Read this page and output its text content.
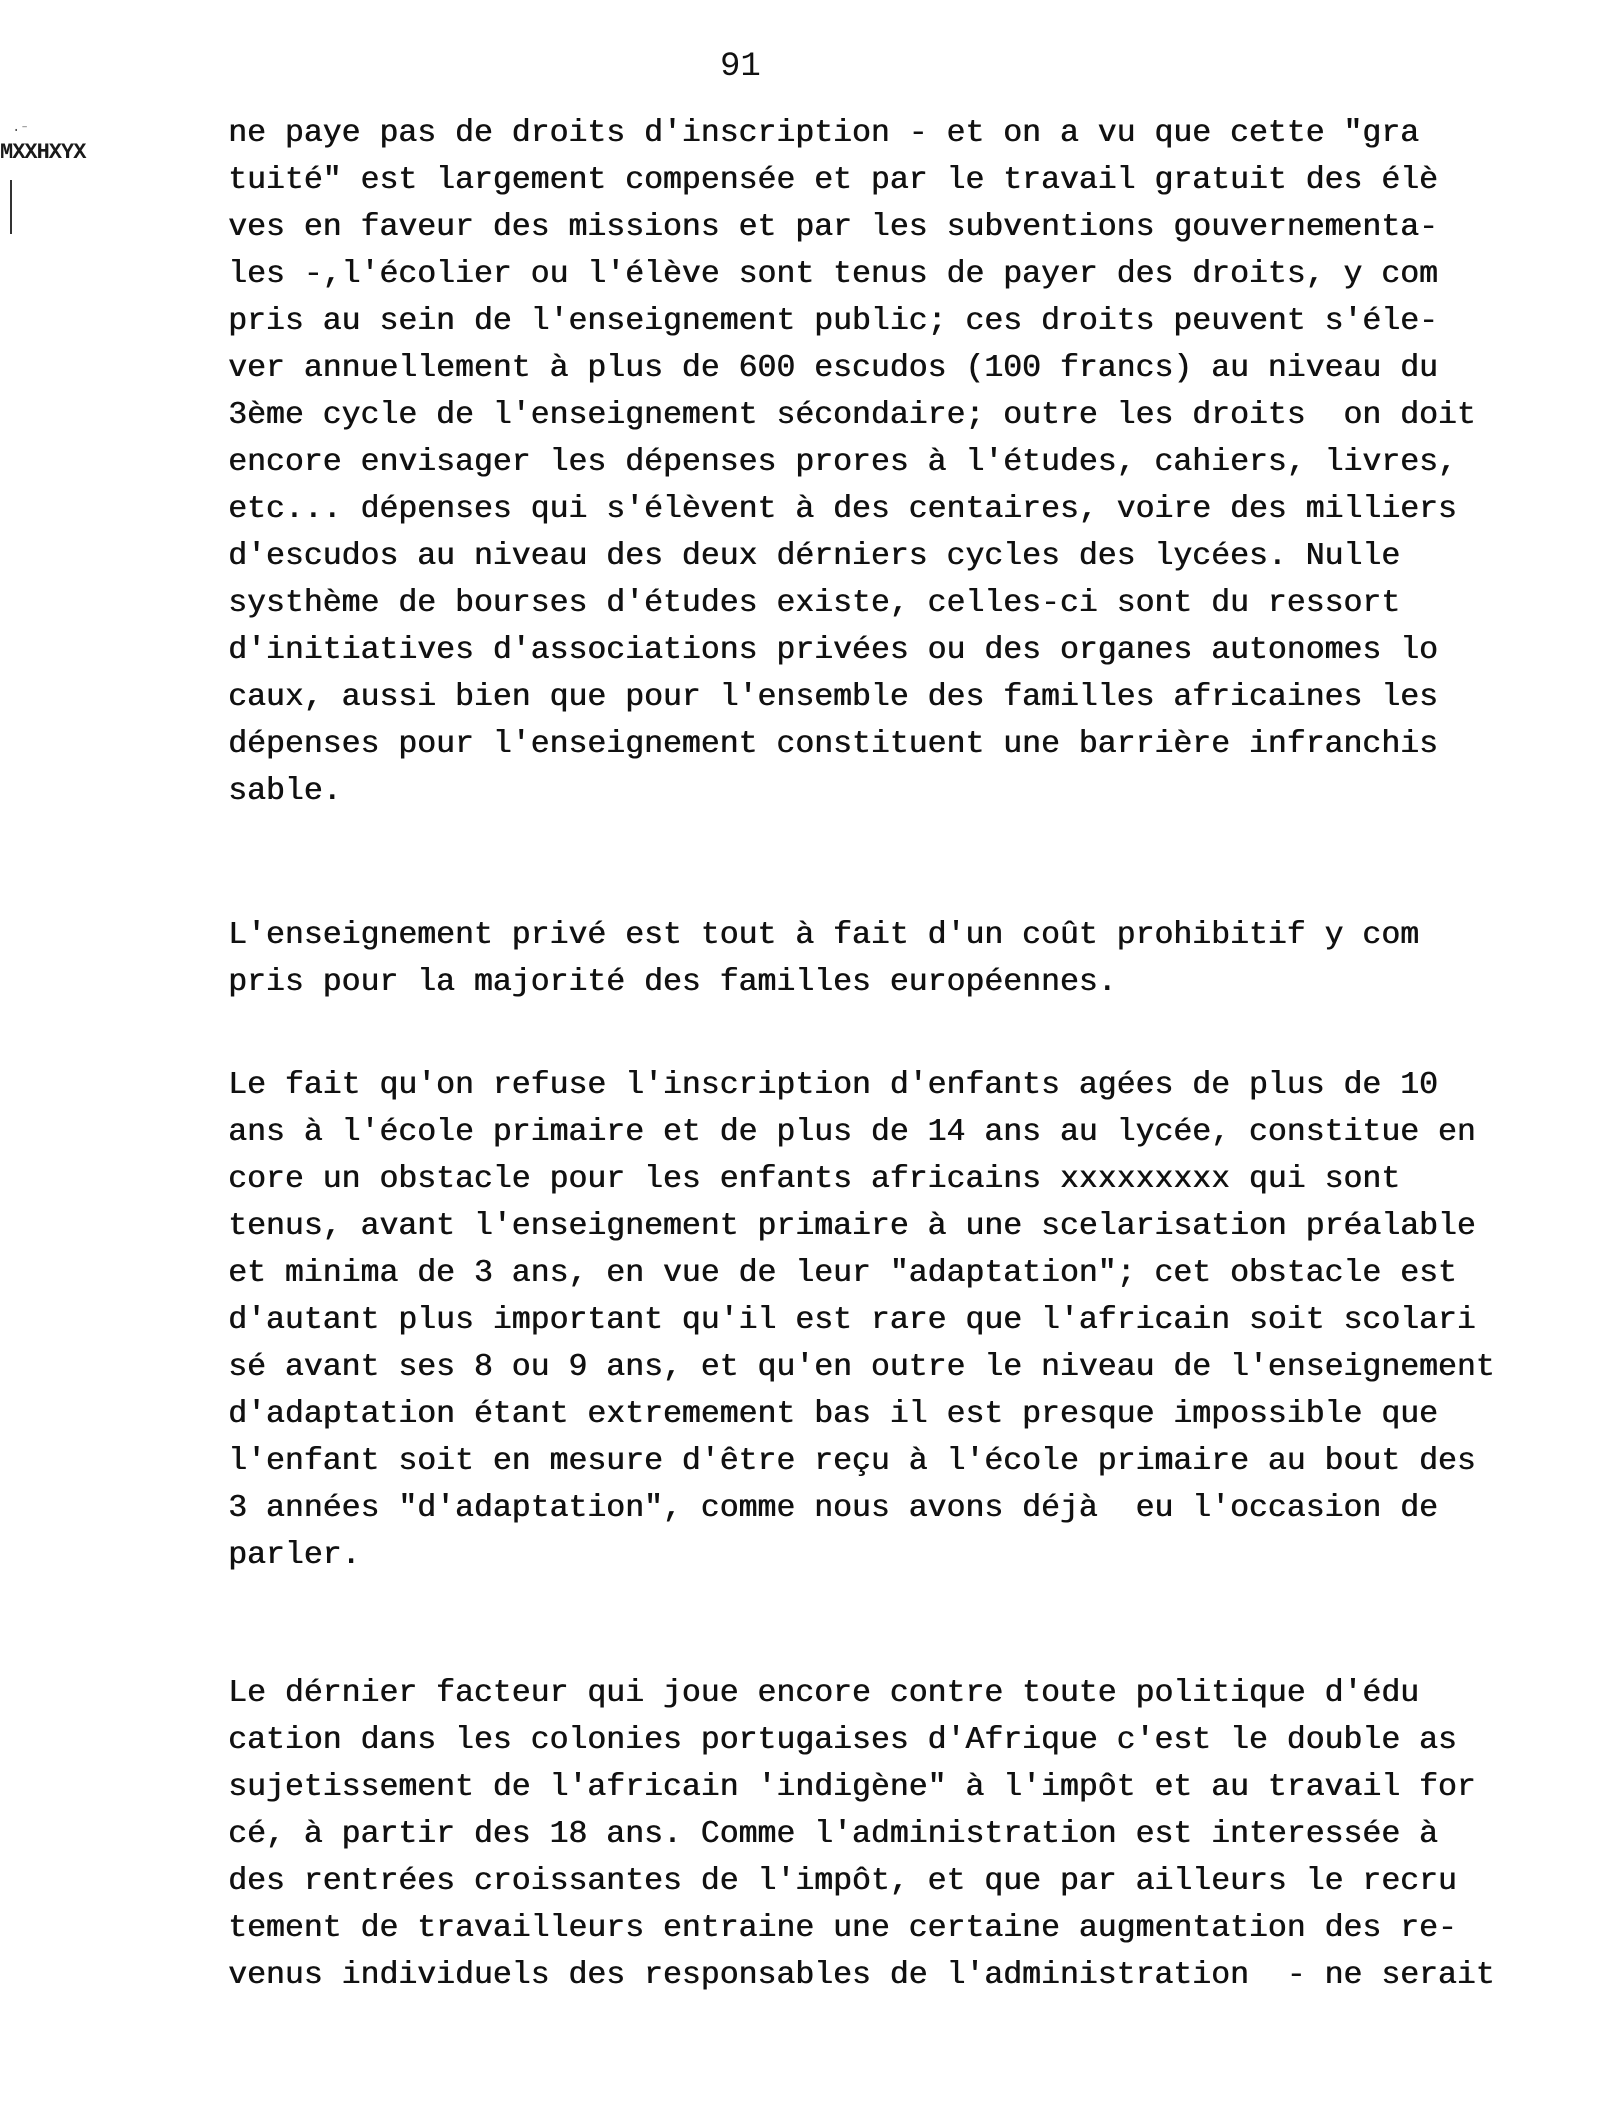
91
·⁻
MXXHXYX
ne paye pas de droits d'inscription - et on a vu que cette "gra
tuité" est largement compensée et par le travail gratuit des élè
ves en faveur des missions et par les subventions gouvernementa-
les -,l'écolier ou l'élève sont tenus de payer des droits, y com
pris au sein de l'enseignement public; ces droits peuvent s'éle-
ver annuellement à plus de 600 escudos (100 francs) au niveau du
3ème cycle de l'enseignement sécondaire; outre les droits  on doit
encore envisager les dépenses prores à l'études, cahiers, livres,
etc... dépenses qui s'élèvent à des centaires, voire des milliers
d'escudos au niveau des deux dérniers cycles des lycées. Nulle
systhème de bourses d'études existe, celles-ci sont du ressort
d'initiatives d'associations privées ou des organes autonomes lo
caux, aussi bien que pour l'ensemble des familles africaines les
dépenses pour l'enseignement constituent une barrière infranchis
sable.
L'enseignement privé est tout à fait d'un coût prohibitif y com
pris pour la majorité des familles européennes.
Le fait qu'on refuse l'inscription d'enfants agées de plus de 10
ans à l'école primaire et de plus de 14 ans au lycée, constitue en
core un obstacle pour les enfants africains xxxxxxxxx qui sont
tenus, avant l'enseignement primaire à une scelarisation préalable
et minima de 3 ans, en vue de leur "adaptation"; cet obstacle est
d'autant plus important qu'il est rare que l'africain soit scolari
sé avant ses 8 ou 9 ans, et qu'en outre le niveau de l'enseignement
d'adaptation étant extremement bas il est presque impossible que
l'enfant soit en mesure d'être reçu à l'école primaire au bout des
3 années "d'adaptation", comme nous avons déjà  eu l'occasion de
parler.
Le dérnier facteur qui joue encore contre toute politique d'édu
cation dans les colonies portugaises d'Afrique c'est le double as
sujetissement de l'africain 'indigène" à l'impôt et au travail for
cé, à partir des 18 ans. Comme l'administration est interessée à
des rentrées croissantes de l'impôt, et que par ailleurs le recru
tement de travailleurs entraine une certaine augmentation des re-
venus individuels des responsables de l'administration  - ne serait
